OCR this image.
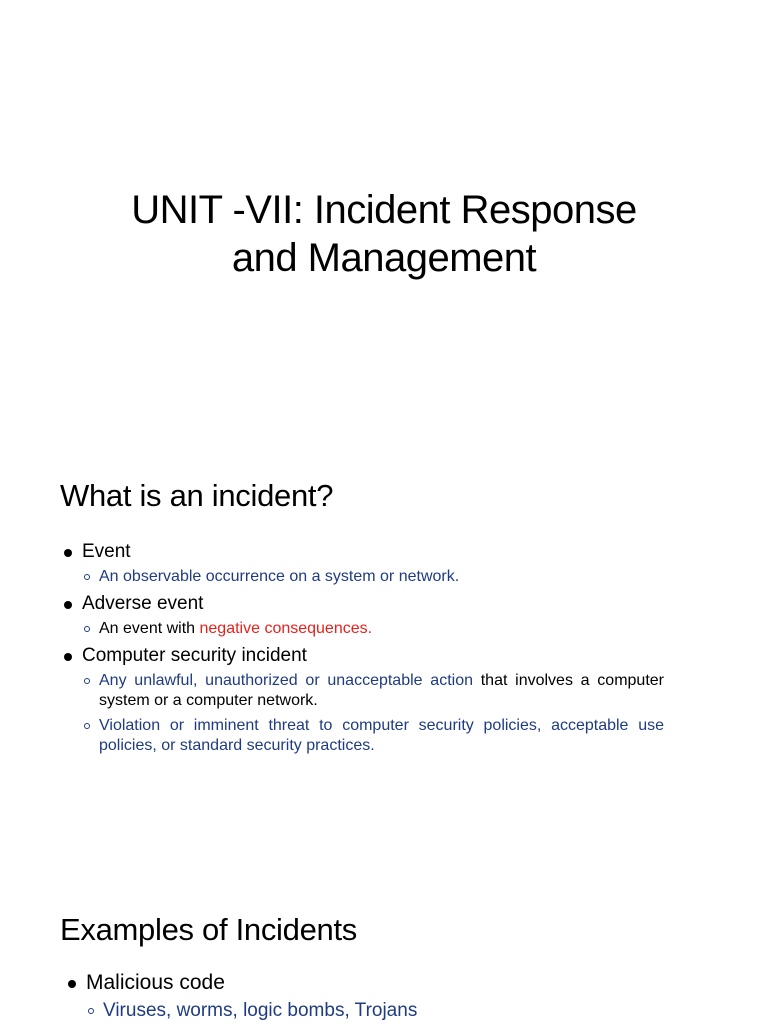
UNIT -VII: Incident Response
and Management
What is an incident?
Event
An observable occurrence on a system or network.
Adverse event
An event with negative consequences.
Computer security incident
Any unlawful, unauthorized or unacceptable action that involves a computer system or a computer network.
Violation or imminent threat to computer security policies, acceptable use policies, or standard security practices.
Examples of Incidents
Malicious code
Viruses, worms, logic bombs, Trojans
